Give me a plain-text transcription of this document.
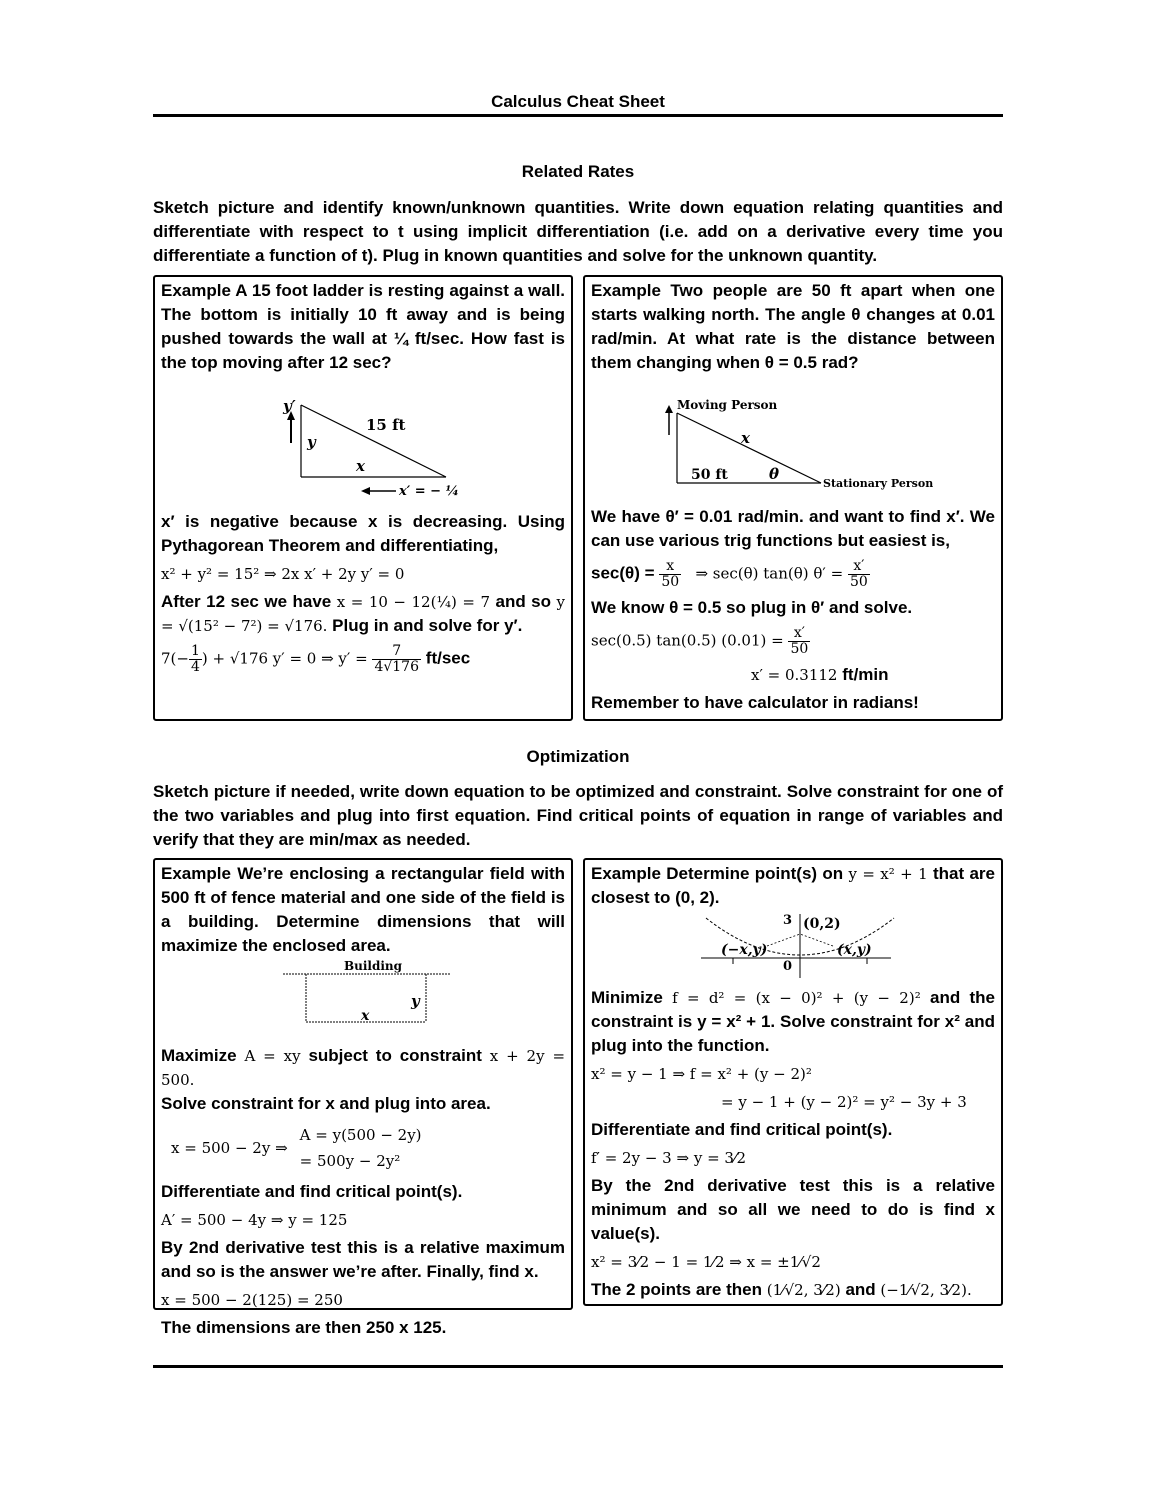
Calculus Cheat Sheet
Related Rates
Sketch picture and identify known/unknown quantities. Write down equation relating quantities and differentiate with respect to t using implicit differentiation (i.e. add on a derivative every time you differentiate a function of t). Plug in known quantities and solve for the unknown quantity.

Example A 15 foot ladder is resting against a wall. The bottom is initially 10 ft away and is being pushed towards the wall at ¼ ft/sec. How fast is the top moving after 12 sec?

y′
y
15 ft
x
x′ = − ¼

x′ is negative because x is decreasing. Using Pythagorean Theorem and differentiating,

x² + y² = 15² ⇒ 2x x′ + 2y y′ = 0

After 12 sec we have x = 10 − 12(¼) = 7 and so y = √(15² − 7²) = √176. Plug in and solve for y′.

$7(- \frac{1}{4}$ ) + √176 y′ = 0 ⇒ $y' = \frac{7}{4√176} ft/\sec$

Example Two people are 50 ft apart when one starts walking north. The angle θ changes at 0.01 rad/min. At what rate is the distance between them changing when θ = 0.5 rad?

Moving Person
x
50 ft	θ
Stationary Person

We have θ′ = 0.01 rad/min. and want to find x′. We can use various trig functions but easiest is,

$\sec(\theta) = \frac{x}{50}$ ⇒ sec(θ) tan(θ) $\theta' = \frac{x'}{50}$

We know θ = 0.5 so plug in θ′ and solve.

sec(0.5) tan(0.5) $(0.01) = \frac{x'}{50}$
x′ = 0.3112 ft/min

Remember to have calculator in radians!

Optimization
Sketch picture if needed, write down equation to be optimized and constraint. Solve constraint for one of the two variables and plug into first equation. Find critical points of equation in range of variables and verify that they are min/max as needed.

Example We’re enclosing a rectangular field with 500 ft of fence material and one side of the field is a building. Determine dimensions that will maximize the enclosed area.

Building
y
x

Maximize A = xy subject to constraint x + 2y = 500.

Solve constraint for x and plug into area.

x = 500 − 2y ⇒
A = y(500 − 2y)
= 500y − 2y²

Differentiate and find critical point(s).

A′ = 500 − 4y ⇒ y = 125

By 2nd derivative test this is a relative maximum and so is the answer we’re after. Finally, find x.

x = 500 − 2(125) = 250

The dimensions are then 250 x 125.

Example Determine point(s) on y = x² + 1 that are closest to (0, 2).

3 (0,2)
(−x,y)	(x,y)
0

Minimize f = d² = (x − 0)² + (y − 2)² and the constraint is y = x² + 1. Solve constraint for x² and plug into the function.

x² = y − 1 ⇒ f = x² + (y − 2)²
= y − 1 + (y − 2)² = y² − 3y + 3

Differentiate and find critical point(s).

f′ = 2y − 3 ⇒ y = 3⁄2

By the 2nd derivative test this is a relative minimum and so all we need to do is find x value(s).

x² = 3⁄2 − 1 = 1⁄2 ⇒ x = ±1⁄√2

The 2 points are then (1⁄√2, 3⁄2) and (−1⁄√2, 3⁄2).
